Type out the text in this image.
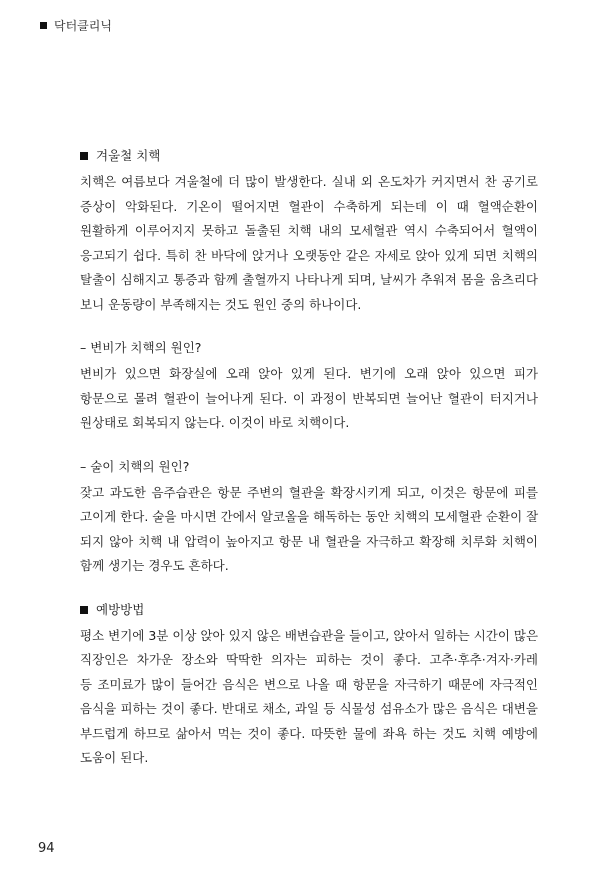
닥터클리닉
겨울철 치핵

치핵은 여름보다 겨울철에 더 많이 발생한다. 실내 외 온도차가 커지면서 찬 공기로
증상이 악화된다. 기온이 떨어지면 혈관이 수축하게 되는데 이 때 혈액순환이
원활하게 이루어지지 못하고 돌출된 치핵 내의 모세혈관 역시 수축되어서 혈액이
응고되기 쉽다. 특히 찬 바닥에 앉거나 오랫동안 같은 자세로 앉아 있게 되면 치핵의
탈출이 심해지고 통증과 함께 출혈까지 나타나게 되며, 날씨가 추워져 몸을 움츠리다
보니 운동량이 부족해지는 것도 원인 중의 하나이다.

– 변비가 치핵의 원인?

변비가 있으면 화장실에 오래 앉아 있게 된다. 변기에 오래 앉아 있으면 피가
항문으로 몰려 혈관이 늘어나게 된다. 이 과정이 반복되면 늘어난 혈관이 터지거나
원상태로 회복되지 않는다. 이것이 바로 치핵이다.

– 술이 치핵의 원인?

잦고 과도한 음주습관은 항문 주변의 혈관을 확장시키게 되고, 이것은 항문에 피를
고이게 한다. 술을 마시면 간에서 알코올을 해독하는 동안 치핵의 모세혈관 순환이 잘
되지 않아 치핵 내 압력이 높아지고 항문 내 혈관을 자극하고 확장해 치루화 치핵이
함께 생기는 경우도 흔하다.

예방방법

평소 변기에 3분 이상 앉아 있지 않은 배변습관을 들이고, 앉아서 일하는 시간이 많은
직장인은 차가운 장소와 딱딱한 의자는 피하는 것이 좋다. 고추·후추·겨자·카레
등 조미료가 많이 들어간 음식은 변으로 나올 때 항문을 자극하기 때문에 자극적인
음식을 피하는 것이 좋다. 반대로 채소, 과일 등 식물성 섬유소가 많은 음식은 대변을
부드럽게 하므로 삶아서 먹는 것이 좋다. 따뜻한 물에 좌욕 하는 것도 치핵 예방에
도움이 된다.

94
